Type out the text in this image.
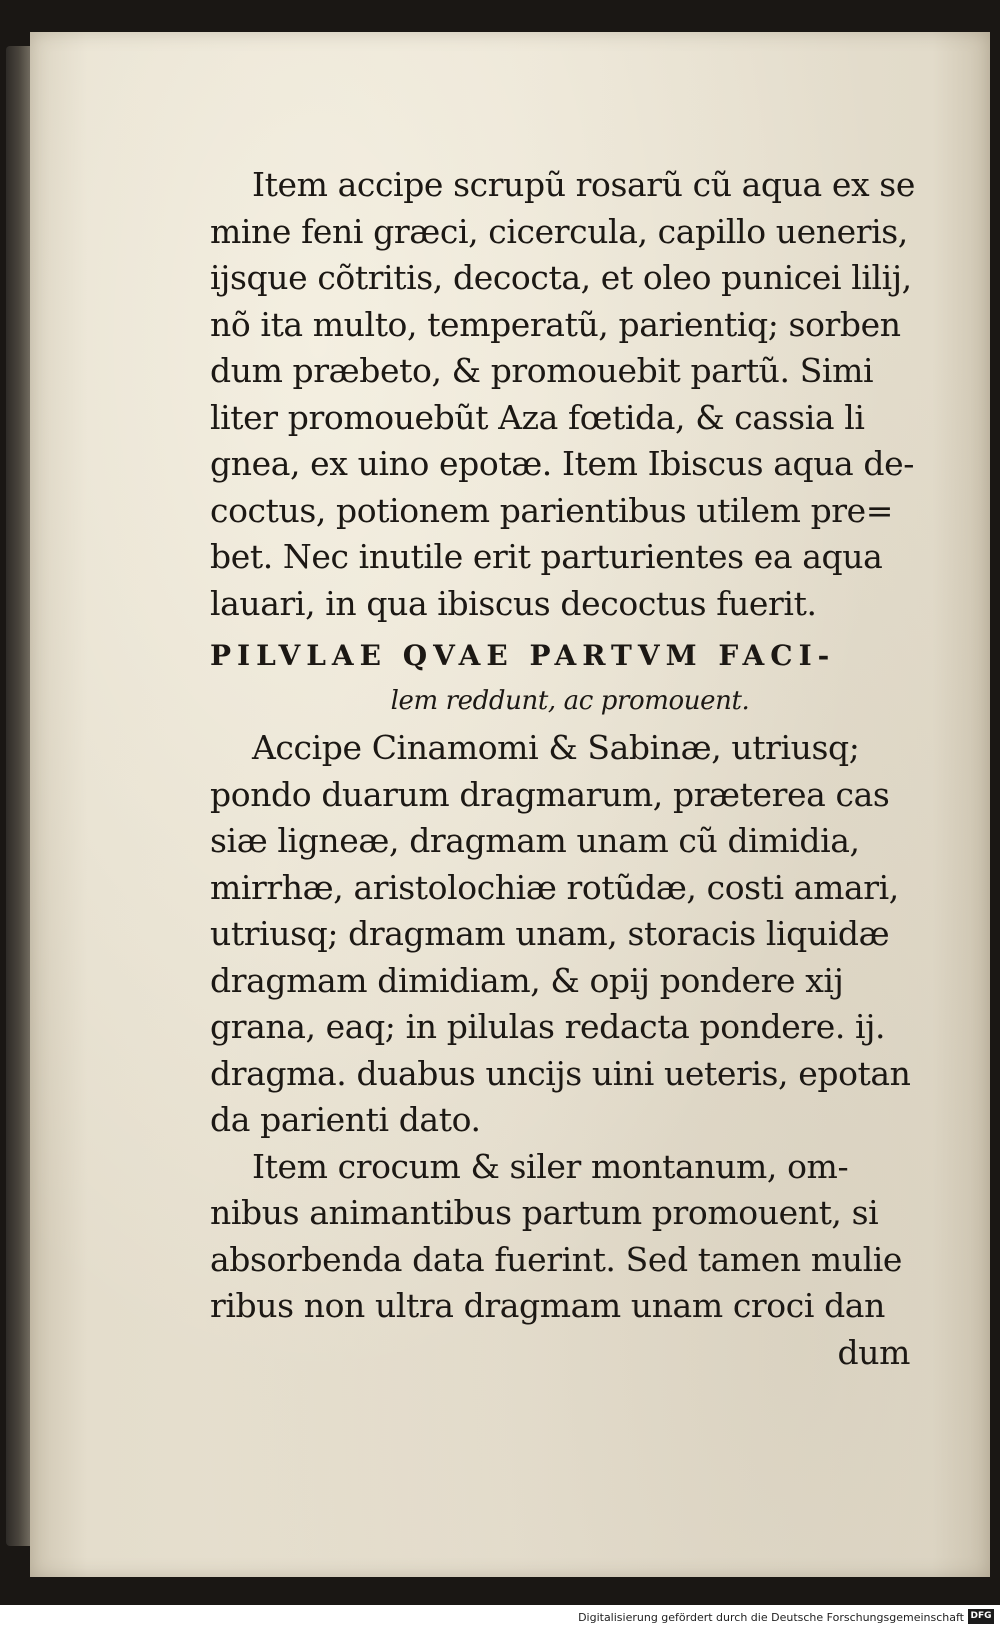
Item accipe scrupũ rosarũ cũ aqua ex se
mine feni græci, cicercula, capillo ueneris,
ijsque cõtritis, decocta, et oleo punicei lilij,
nõ ita multo, temperatũ, parientiq; sorben
dum præbeto, & promouebit partũ. Simi
liter promouebũt Aza fœtida, & cassia li
gnea, ex uino epotæ. Item Ibiscus aqua de-
coctus, potionem parientibus utilem pre=
bet. Nec inutile erit parturientes ea aqua
lauari, in qua ibiscus decoctus fuerit.
PILVLAE QVAE PARTVM FACI-
lem reddunt, ac promouent.
Accipe Cinamomi & Sabinæ, utriusq;
pondo duarum dragmarum, præterea cas
siæ ligneæ, dragmam unam cũ dimidia,
mirrhæ, aristolochiæ rotũdæ, costi amari,
utriusq; dragmam unam, storacis liquidæ
dragmam dimidiam, & opij pondere xij
grana, eaq; in pilulas redacta pondere. ij.
dragma. duabus uncijs uini ueteris, epotan
da parienti dato.
Item crocum & siler montanum, om-
nibus animantibus partum promouent, si
absorbenda data fuerint. Sed tamen mulie
ribus non ultra dragmam unam croci dan
dum
Digitalisierung gefördert durch die Deutsche Forschungsgemeinschaft DFG
